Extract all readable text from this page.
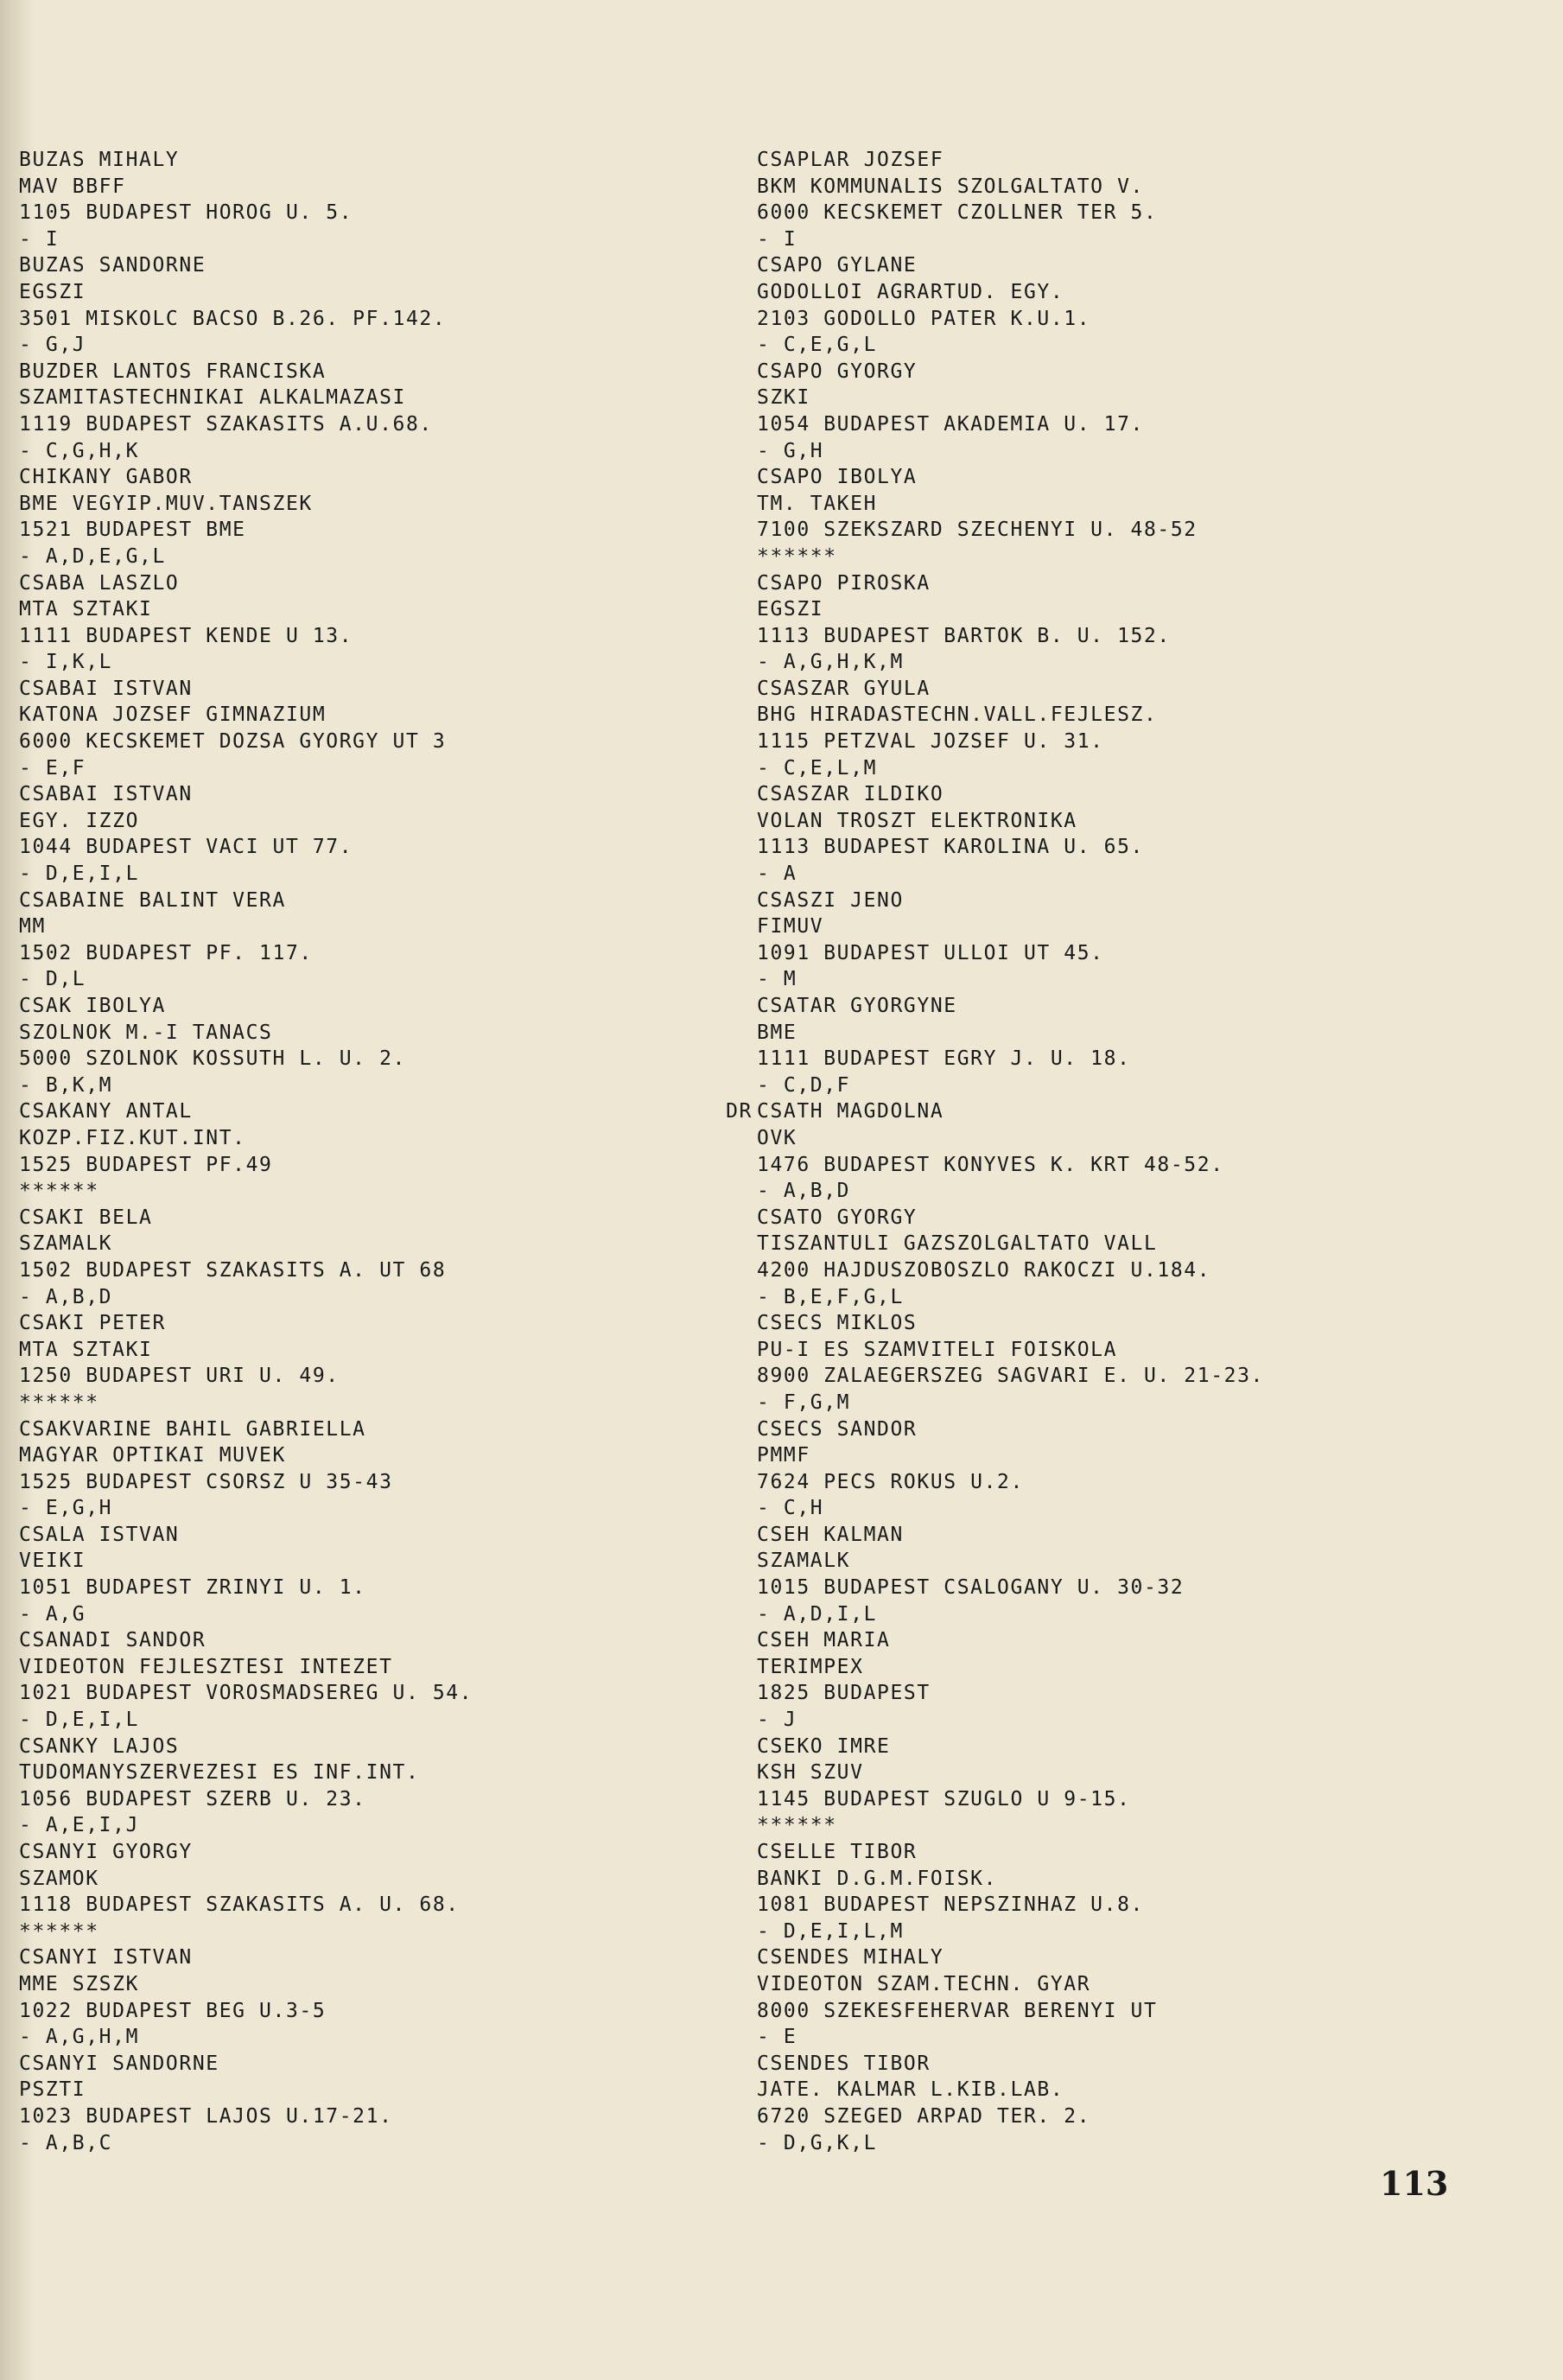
BUZAS MIHALY
MAV BBFF
1105 BUDAPEST HOROG U. 5.
- I
BUZAS SANDORNE
EGSZI
3501 MISKOLC BACSO B.26. PF.142.
- G,J
BUZDER LANTOS FRANCISKA
SZAMITASTECHNIKAI ALKALMAZASI
1119 BUDAPEST SZAKASITS A.U.68.
- C,G,H,K
CHIKANY GABOR
BME VEGYIP.MUV.TANSZEK
1521 BUDAPEST BME
- A,D,E,G,L
CSABA LASZLO
MTA SZTAKI
1111 BUDAPEST KENDE U 13.
- I,K,L
CSABAI ISTVAN
KATONA JOZSEF GIMNAZIUM
6000 KECSKEMET DOZSA GYORGY UT 3
- E,F
CSABAI ISTVAN
EGY. IZZO
1044 BUDAPEST VACI UT 77.
- D,E,I,L
CSABAINE BALINT VERA
MM
1502 BUDAPEST PF. 117.
- D,L
CSAK IBOLYA
SZOLNOK M.-I TANACS
5000 SZOLNOK KOSSUTH L. U. 2.
- B,K,M
CSAKANY ANTAL
KOZP.FIZ.KUT.INT.
1525 BUDAPEST PF.49
******
CSAKI BELA
SZAMALK
1502 BUDAPEST SZAKASITS A. UT 68
- A,B,D
CSAKI PETER
MTA SZTAKI
1250 BUDAPEST URI U. 49.
******
CSAKVARINE BAHIL GABRIELLA
MAGYAR OPTIKAI MUVEK
1525 BUDAPEST CSORSZ U 35-43
- E,G,H
CSALA ISTVAN
VEIKI
1051 BUDAPEST ZRINYI U. 1.
- A,G
CSANADI SANDOR
VIDEOTON FEJLESZTESI INTEZET
1021 BUDAPEST VOROSMADSEREG U. 54.
- D,E,I,L
CSANKY LAJOS
TUDOMANYSZERVEZESI ES INF.INT.
1056 BUDAPEST SZERB U. 23.
- A,E,I,J
CSANYI GYORGY
SZAMOK
1118 BUDAPEST SZAKASITS A. U. 68.
******
CSANYI ISTVAN
MME SZSZK
1022 BUDAPEST BEG U.3-5
- A,G,H,M
CSANYI SANDORNE
PSZTI
1023 BUDAPEST LAJOS U.17-21.
- A,B,C
CSAPLAR JOZSEF
BKM KOMMUNALIS SZOLGALTATO V.
6000 KECSKEMET CZOLLNER TER 5.
- I
CSAPO GYLANE
GODOLLOI AGRARTUD. EGY.
2103 GODOLLO PATER K.U.1.
- C,E,G,L
CSAPO GYORGY
SZKI
1054 BUDAPEST AKADEMIA U. 17.
- G,H
CSAPO IBOLYA
TM. TAKEH
7100 SZEKSZARD SZECHENYI U. 48-52
******
CSAPO PIROSKA
EGSZI
1113 BUDAPEST BARTOK B. U. 152.
- A,G,H,K,M
CSASZAR GYULA
BHG HIRADASTECHN.VALL.FEJLESZ.
1115 PETZVAL JOZSEF U. 31.
- C,E,L,M
CSASZAR ILDIKO
VOLAN TROSZT ELEKTRONIKA
1113 BUDAPEST KAROLINA U. 65.
- A
CSASZI JENO
FIMUV
1091 BUDAPEST ULLOI UT 45.
- M
CSATAR GYORGYNE
BME
1111 BUDAPEST EGRY J. U. 18.
- C,D,F
CSATH MAGDOLNA
DR
OVK
1476 BUDAPEST KONYVES K. KRT 48-52.
- A,B,D
CSATO GYORGY
TISZANTULI GAZSZOLGALTATO VALL
4200 HAJDUSZOBOSZLO RAKOCZI U.184.
- B,E,F,G,L
CSECS MIKLOS
PU-I ES SZAMVITELI FOISKOLA
8900 ZALAEGERSZEG SAGVARI E. U. 21-23.
- F,G,M
CSECS SANDOR
PMMF
7624 PECS ROKUS U.2.
- C,H
CSEH KALMAN
SZAMALK
1015 BUDAPEST CSALOGANY U. 30-32
- A,D,I,L
CSEH MARIA
TERIMPEX
1825 BUDAPEST
- J
CSEKO IMRE
KSH SZUV
1145 BUDAPEST SZUGLO U 9-15.
******
CSELLE TIBOR
BANKI D.G.M.FOISK.
1081 BUDAPEST NEPSZINHAZ U.8.
- D,E,I,L,M
CSENDES MIHALY
VIDEOTON SZAM.TECHN. GYAR
8000 SZEKESFEHERVAR BERENYI UT
- E
CSENDES TIBOR
JATE. KALMAR L.KIB.LAB.
6720 SZEGED ARPAD TER. 2.
- D,G,K,L
113
